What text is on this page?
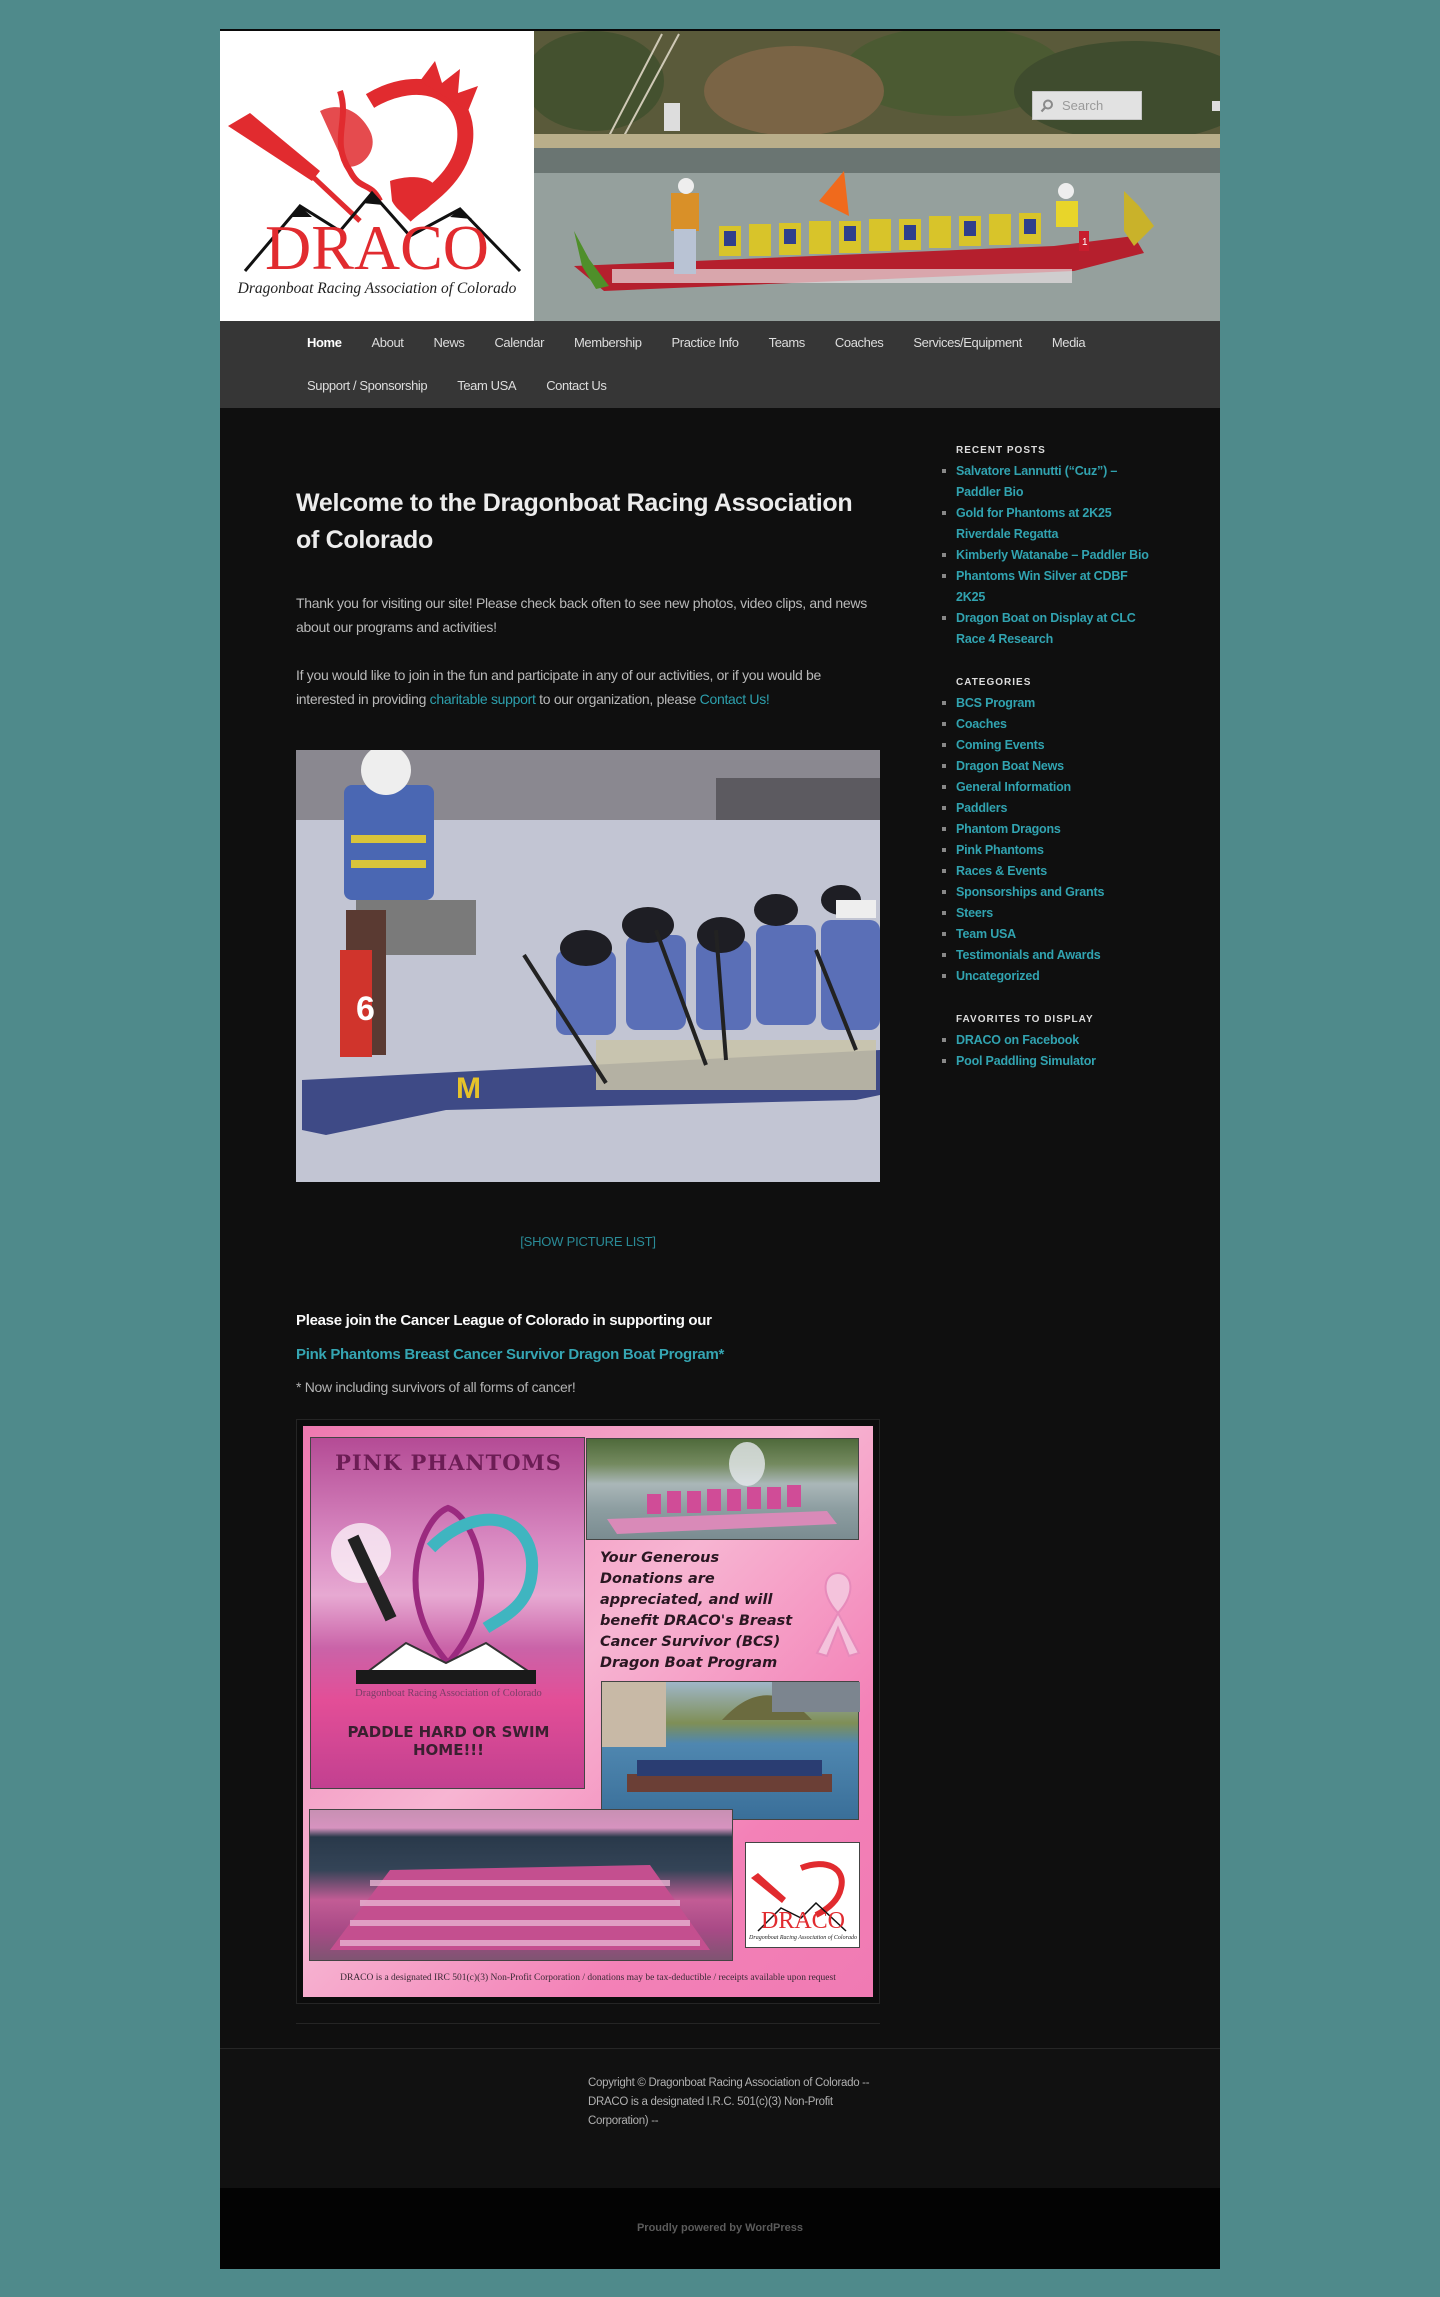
DRACO
Dragonboat Racing Association of Colorado
1
Search
Home	About	News	Calendar	Membership	Practice Info	Teams	Coaches	Services/Equipment	Media
Support / Sponsorship	Team USA	Contact Us
Welcome to the Dragonboat Racing Association of Colorado

Thank you for visiting our site! Please check back often to see new photos, video clips, and news about our programs and activities!

If you would like to join in the fun and participate in any of our activities, or if you would be interested in providing charitable support to our organization, please Contact Us!

6
M
[SHOW PICTURE LIST]

Please join the Cancer League of Colorado in supporting our

Pink Phantoms Breast Cancer Survivor Dragon Boat Program*

* Now including survivors of all forms of cancer!

PINK PHANTOMS
Dragonboat Racing Association of Colorado
PADDLE HARD OR SWIM HOME!!!
Your Generous Donations are appreciated, and will benefit DRACO's Breast Cancer Survivor (BCS) Dragon Boat Program
DRACO
Dragonboat Racing Association of Colorado
DRACO is a designated IRC 501(c)(3) Non-Profit Corporation / donations may be tax-deductible / receipts available upon request
RECENT POSTS
Salvatore Lannutti (“Cuz”) – Paddler Bio
Gold for Phantoms at 2K25 Riverdale Regatta
Kimberly Watanabe – Paddler Bio
Phantoms Win Silver at CDBF 2K25
Dragon Boat on Display at CLC Race 4 Research
CATEGORIES
BCS Program
Coaches
Coming Events
Dragon Boat News
General Information
Paddlers
Phantom Dragons
Pink Phantoms
Races & Events
Sponsorships and Grants
Steers
Team USA
Testimonials and Awards
Uncategorized
FAVORITES TO DISPLAY
DRACO on Facebook
Pool Paddling Simulator

Copyright © Dragonboat Racing Association of Colorado -- DRACO is a designated I.R.C. 501(c)(3) Non-Profit Corporation) --

Proudly powered by WordPress
